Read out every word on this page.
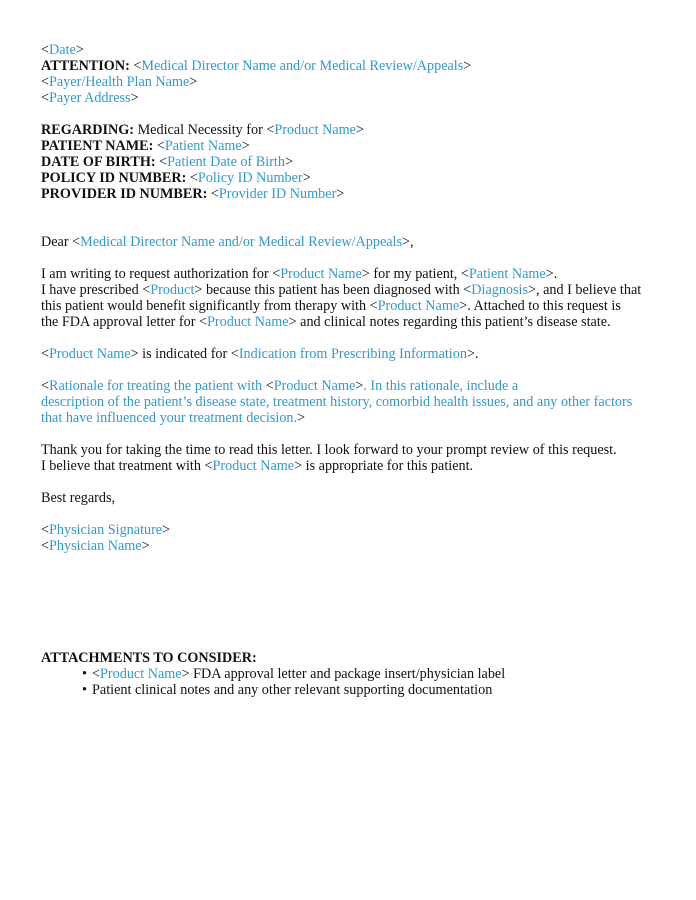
<Date>
ATTENTION: <Medical Director Name and/or Medical Review/Appeals>
<Payer/Health Plan Name>
<Payer Address>
REGARDING: Medical Necessity for <Product Name>
PATIENT NAME: <Patient Name>
DATE OF BIRTH: <Patient Date of Birth>
POLICY ID NUMBER: <Policy ID Number>
PROVIDER ID NUMBER: <Provider ID Number>
Dear <Medical Director Name and/or Medical Review/Appeals>,
I am writing to request authorization for <Product Name> for my patient, <Patient Name>.
I have prescribed <Product> because this patient has been diagnosed with <Diagnosis>, and I believe that
this patient would benefit significantly from therapy with <Product Name>. Attached to this request is
the FDA approval letter for <Product Name> and clinical notes regarding this patient’s disease state.
<Product Name> is indicated for <Indication from Prescribing Information>.
<Rationale for treating the patient with <Product Name>. In this rationale, include a
description of the patient’s disease state, treatment history, comorbid health issues, and any other factors
that have influenced your treatment decision.>
Thank you for taking the time to read this letter. I look forward to your prompt review of this request.
I believe that treatment with <Product Name> is appropriate for this patient.
Best regards,
<Physician Signature>
<Physician Name>
ATTACHMENTS TO CONSIDER:
• <Product Name> FDA approval letter and package insert/physician label
• Patient clinical notes and any other relevant supporting documentation
